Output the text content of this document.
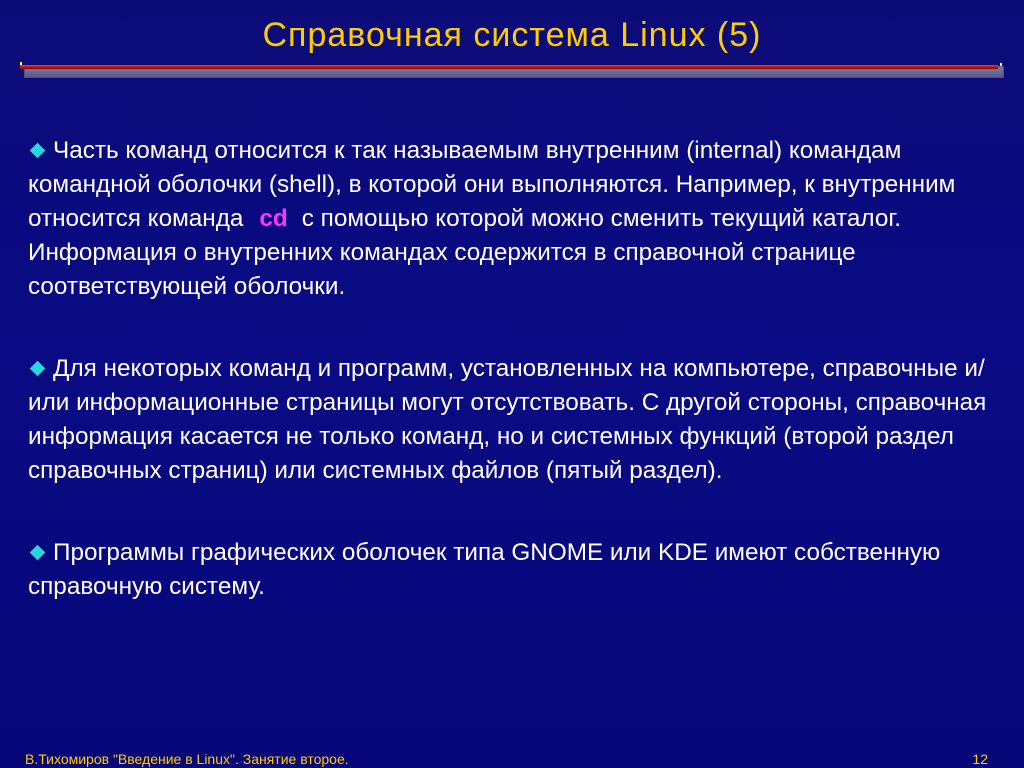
Справочная система Linux (5)

Часть команд относится к так называемым внутренним (internal) командам командной оболочки (shell), в которой они выполняются. Например, к внутренним относится команда cd с помощью которой можно сменить текущий каталог. Информация о внутренних командах содержится в справочной странице соответствующей оболочки.

Для некоторых команд и программ, установленных на компьютере, справочные и/или информационные страницы могут отсутствовать. С другой стороны, справочная информация касается не только команд, но и системных функций (второй раздел справочных страниц) или системных файлов (пятый раздел).

Программы графических оболочек типа GNOME или KDE имеют собственную справочную систему.

В.Тихомиров "Введение в Linux". Занятие второе.	12
